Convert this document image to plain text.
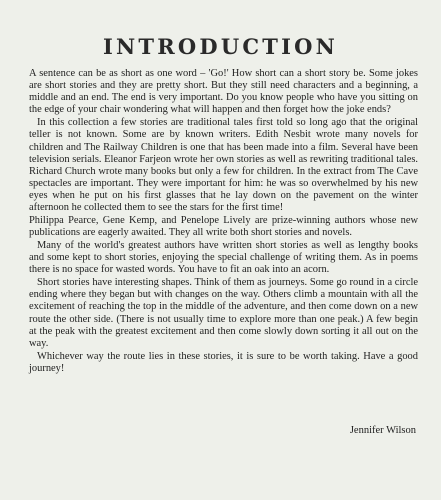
INTRODUCTION

A sentence can be as short as one word – 'Go!' How short can a short story be. Some jokes are short stories and they are pretty short. But they still need characters and a beginning, a middle and an end. The end is very important. Do you know people who have you sitting on the edge of your chair wondering what will happen and then forget how the joke ends?

In this collection a few stories are traditional tales first told so long ago that the original teller is not known. Some are by known writers. Edith Nesbit wrote many novels for children and The Railway Children is one that has been made into a film. Several have been television serials. Eleanor Farjeon wrote her own stories as well as rewriting traditional tales. Richard Church wrote many books but only a few for children. In the extract from The Cave spectacles are important. They were important for him: he was so overwhelmed by his new eyes when he put on his first glasses that he lay down on the pavement on the winter afternoon he collected them to see the stars for the first time!

Philippa Pearce, Gene Kemp, and Penelope Lively are prize-winning authors whose new publications are eagerly awaited. They all write both short stories and novels.

Many of the world's greatest authors have written short stories as well as lengthy books and some kept to short stories, enjoying the special challenge of writing them. As in poems there is no space for wasted words. You have to fit an oak into an acorn.

Short stories have interesting shapes. Think of them as journeys. Some go round in a circle ending where they began but with changes on the way. Others climb a mountain with all the excitement of reaching the top in the middle of the adventure, and then come down on a new route the other side. (There is not usually time to explore more than one peak.) A few begin at the peak with the greatest excitement and then come slowly down sorting it all out on the way.

Whichever way the route lies in these stories, it is sure to be worth taking. Have a good journey!

Jennifer Wilson
